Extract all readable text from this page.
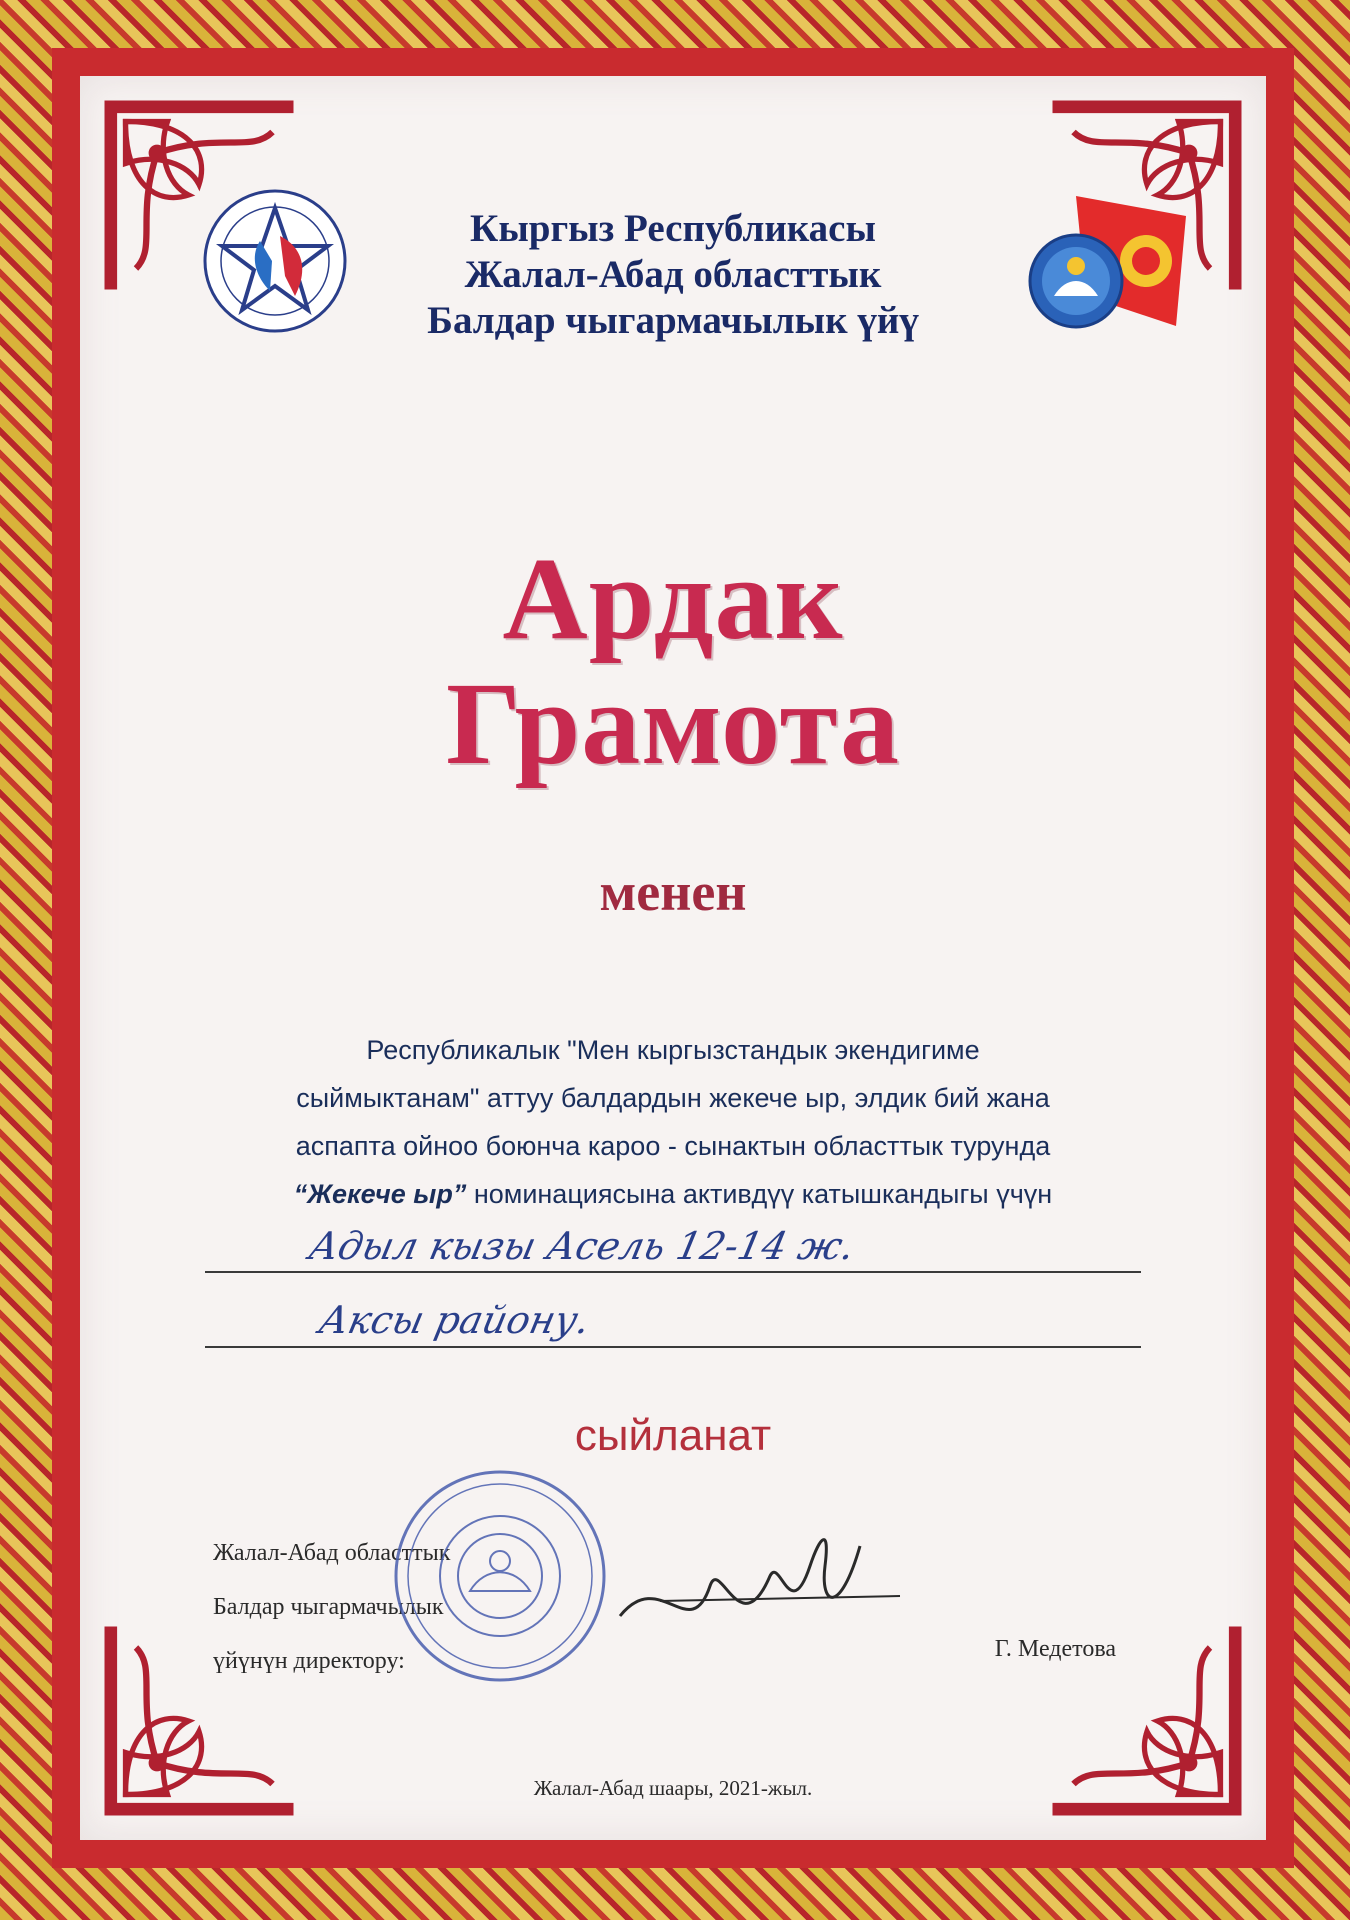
Кыргыз Республикасы
Жалал-Абад областтык
Балдар чыгармачылык үйү
Ардак
Грамота
менен
Республикалык "Мен кыргызстандык экендигиме
сыймыктанам" аттуу балдардын жекече ыр, элдик бий жана
аспапта ойноо боюнча кароо - сынактын областтык турунда
“Жекече ыр” номинациясына активдүү катышкандыгы үчүн
Адыл кызы Асель 12-14 ж.
Аксы району.
сыйланат
Жалал-Абад областтык
Балдар чыгармачылык
үйүнүн директору:	Г. Медетова
Жалал-Абад шаары, 2021-жыл.
